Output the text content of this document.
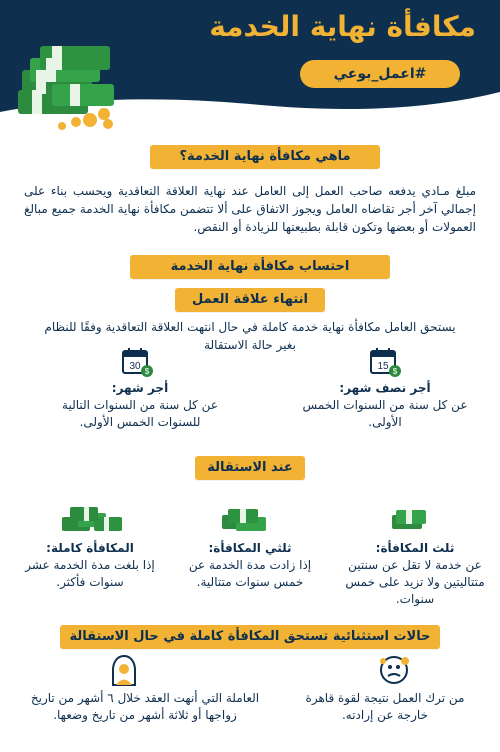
مكافأة نهاية الخدمة
#اعمل_بوعي
ماهي مكافأة نهاية الخدمة؟
مبلغ مـادي يدفعه صاحب العمل إلى العامل عند نهاية العلاقة التعاقدية ويحسب بناء على إجمالي آخر أجر تقاضاه العامل ويجوز الاتفاق على ألا تتضمن مكافأة نهاية الخدمة جميع مبالغ العمولات أو بعضها وتكون قابلة بطبيعتها للزيادة أو النقص.
احتساب مكافأة نهاية الخدمة
انتهاء علاقة العمل
يستحق العامل مكافأة نهاية خدمة كاملة في حال انتهت العلاقة التعاقدية وفقًا للنظام بغير حالة الاستقالة
15 $
أجر نصف شهر:
عن كل سنة من السنوات الخمس الأولى.
30 $
أجر شهر:
عن كل سنة من السنوات التالية للسنوات الخمس الأولى.
عند الاستقالة
ثلث المكافأة:
عن خدمة لا تقل عن سنتين متتاليتين ولا تزيد على خمس سنوات.
ثلثي المكافأة:
إذا زادت مدة الخدمة عن خمس سنوات متتالية.
المكافأة كاملة:
إذا بلغت مدة الخدمة عشر سنوات فأكثر.
حالات استثنائية تستحق المكافأة كاملة في حال الاستقالة
من ترك العمل نتيجة لقوة قاهرة خارجة عن إرادته.
العاملة التي أنهت العقد خلال ٦ أشهر من تاريخ زواجها أو ثلاثة أشهر من تاريخ وضعها.
